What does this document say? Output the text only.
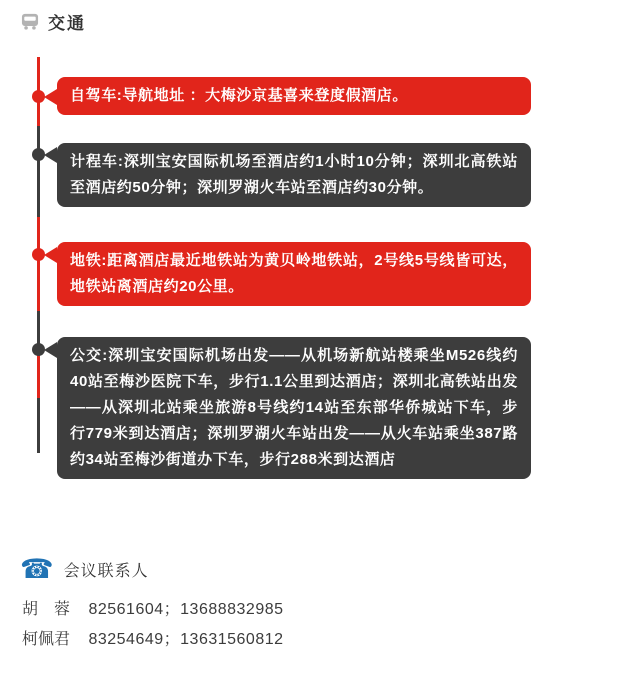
交通
自驾车:导航地址 ：大梅沙京基喜来登度假酒店。
计程车:深圳宝安国际机场至酒店约1小时10分钟；深圳北高铁站至酒店约50分钟；深圳罗湖火车站至酒店约30分钟。
地铁:距离酒店最近地铁站为黄贝岭地铁站，2号线5号线皆可达，地铁站离酒店约20公里。
公交:深圳宝安国际机场出发——从机场新航站楼乘坐M526线约40站至梅沙医院下车，步行1.1公里到达酒店；深圳北高铁站出发——从深圳北站乘坐旅游8号线约14站至东部华侨城站下车，步行779米到达酒店；深圳罗湖火车站出发——从火车站乘坐387路约34站至梅沙街道办下车，步行288米到达酒店
☎ 会议联系人
胡　蓉 82561604；13688832985
柯佩君 83254649；13631560812
